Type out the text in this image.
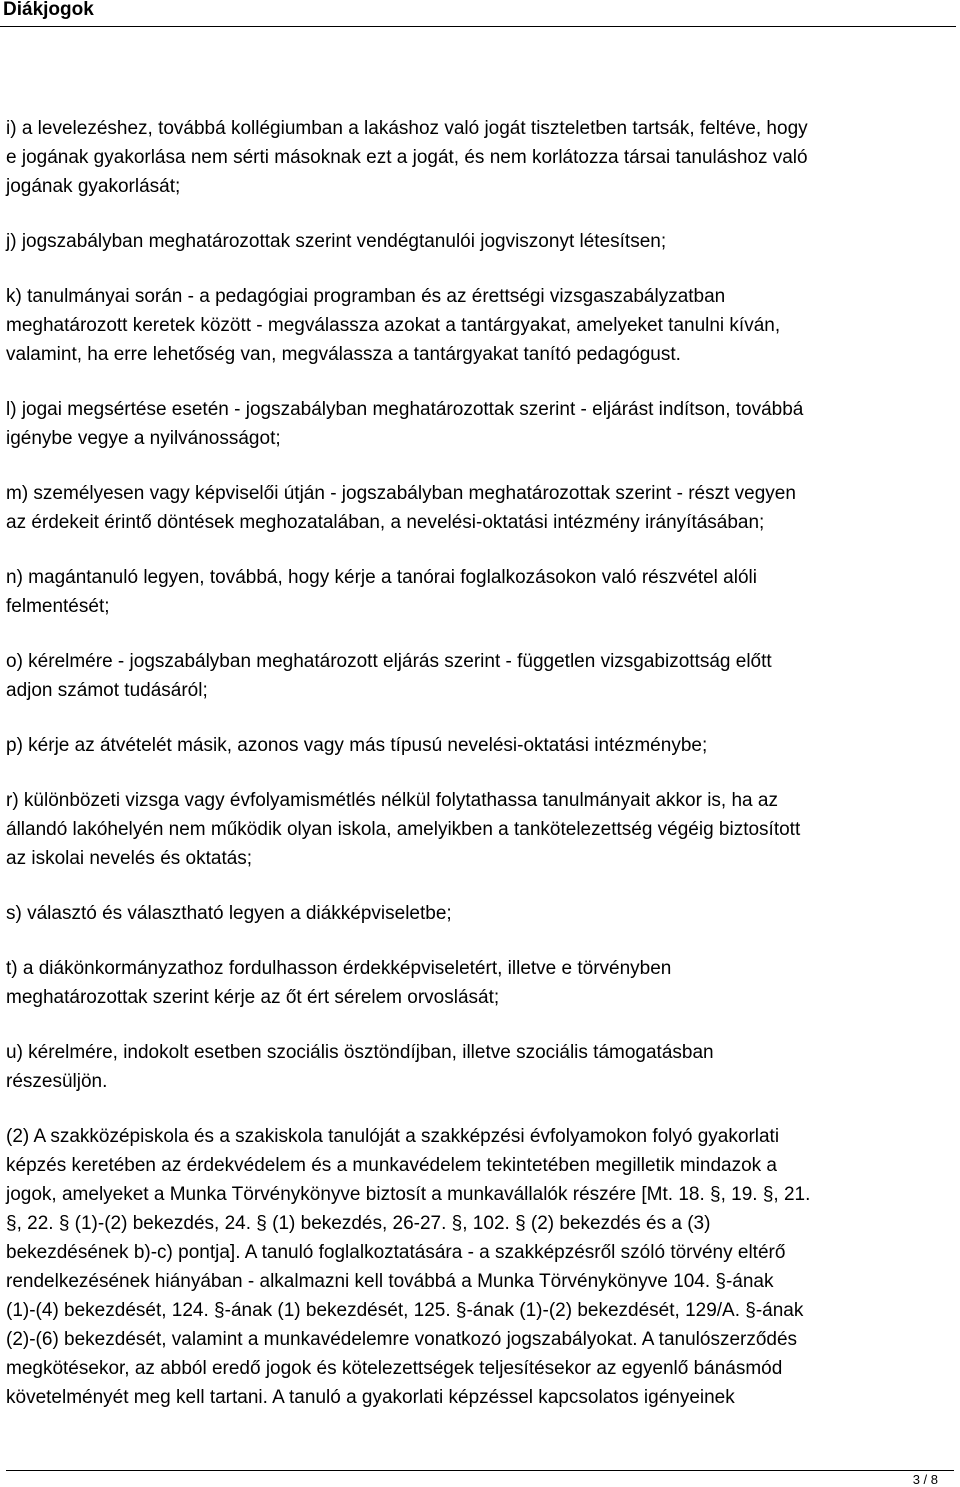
Diákjogok

i) a levelezéshez, továbbá kollégiumban a lakáshoz való jogát tiszteletben tartsák, feltéve, hogy
e jogának gyakorlása nem sérti másoknak ezt a jogát, és nem korlátozza társai tanuláshoz való
jogának gyakorlását;

j) jogszabályban meghatározottak szerint vendégtanulói jogviszonyt létesítsen;

k) tanulmányai során - a pedagógiai programban és az érettségi vizsgaszabályzatban
meghatározott keretek között - megválassza azokat a tantárgyakat, amelyeket tanulni kíván,
valamint, ha erre lehetőség van, megválassza a tantárgyakat tanító pedagógust.

l) jogai megsértése esetén - jogszabályban meghatározottak szerint - eljárást indítson, továbbá
igénybe vegye a nyilvánosságot;

m) személyesen vagy képviselői útján - jogszabályban meghatározottak szerint - részt vegyen
az érdekeit érintő döntések meghozatalában, a nevelési-oktatási intézmény irányításában;

n) magántanuló legyen, továbbá, hogy kérje a tanórai foglalkozásokon való részvétel alóli
felmentését;

o) kérelmére - jogszabályban meghatározott eljárás szerint - független vizsgabizottság előtt
adjon számot tudásáról;

p) kérje az átvételét másik, azonos vagy más típusú nevelési-oktatási intézménybe;

r) különbözeti vizsga vagy évfolyamismétlés nélkül folytathassa tanulmányait akkor is, ha az
állandó lakóhelyén nem működik olyan iskola, amelyikben a tankötelezettség végéig biztosított
az iskolai nevelés és oktatás;

s) választó és választható legyen a diákképviseletbe;

t) a diákönkormányzathoz fordulhasson érdekképviseletért, illetve e törvényben
meghatározottak szerint kérje az őt ért sérelem orvoslását;

u) kérelmére, indokolt esetben szociális ösztöndíjban, illetve szociális támogatásban
részesüljön.

(2) A szakközépiskola és a szakiskola tanulóját a szakképzési évfolyamokon folyó gyakorlati
képzés keretében az érdekvédelem és a munkavédelem tekintetében megilletik mindazok a
jogok, amelyeket a Munka Törvénykönyve biztosít a munkavállalók részére [Mt. 18. §, 19. §, 21.
§, 22. § (1)-(2) bekezdés, 24. § (1) bekezdés, 26-27. §, 102. § (2) bekezdés és a (3)
bekezdésének b)-c) pontja]. A tanuló foglalkoztatására - a szakképzésről szóló törvény eltérő
rendelkezésének hiányában - alkalmazni kell továbbá a Munka Törvénykönyve 104. §-ának
(1)-(4) bekezdését, 124. §-ának (1) bekezdését, 125. §-ának (1)-(2) bekezdését, 129/A. §-ának
(2)-(6) bekezdését, valamint a munkavédelemre vonatkozó jogszabályokat. A tanulószerződés
megkötésekor, az abból eredő jogok és kötelezettségek teljesítésekor az egyenlő bánásmód
követelményét meg kell tartani. A tanuló a gyakorlati képzéssel kapcsolatos igényeinek

3 / 8
